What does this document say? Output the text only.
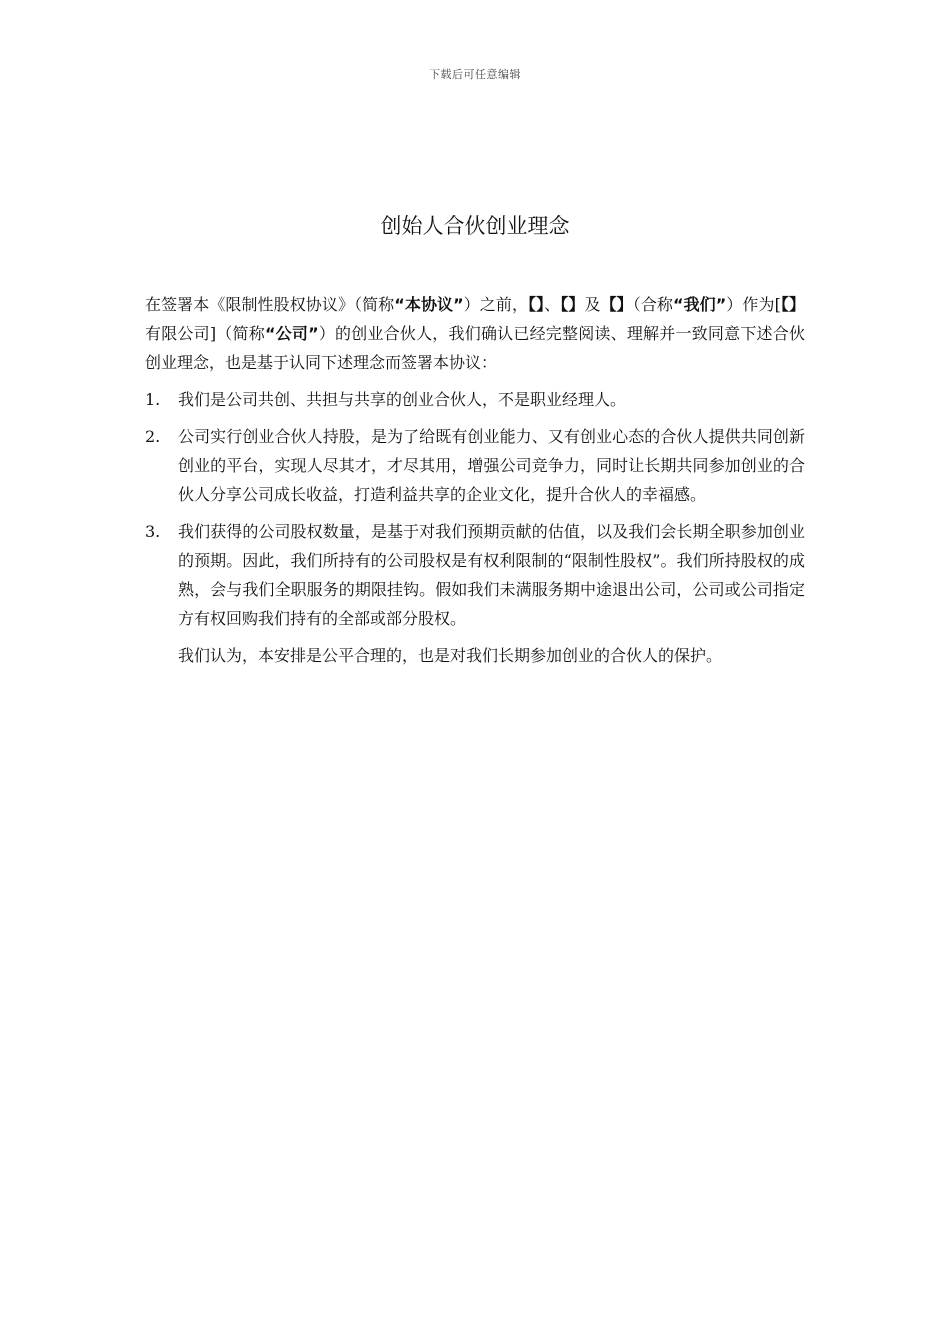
下载后可任意编辑
创始人合伙创业理念

在签署本《限制性股权协议》（简称“本协议”）之前，【】、【】及【】（合称“我们”）作为[【】有限公司]（简称“公司”）的创业合伙人，我们确认已经完整阅读、理解并一致同意下述合伙创业理念，也是基于认同下述理念而签署本协议：

1. 我们是公司共创、共担与共享的创业合伙人，不是职业经理人。
2. 公司实行创业合伙人持股，是为了给既有创业能力、又有创业心态的合伙人提供共同创新创业的平台，实现人尽其才，才尽其用，增强公司竞争力，同时让长期共同参加创业的合伙人分享公司成长收益，打造利益共享的企业文化，提升合伙人的幸福感。
3. 我们获得的公司股权数量，是基于对我们预期贡献的估值，以及我们会长期全职参加创业的预期。因此，我们所持有的公司股权是有权利限制的“限制性股权”。我们所持股权的成熟，会与我们全职服务的期限挂钩。假如我们未满服务期中途退出公司，公司或公司指定方有权回购我们持有的全部或部分股权。

我们认为，本安排是公平合理的，也是对我们长期参加创业的合伙人的保护。
